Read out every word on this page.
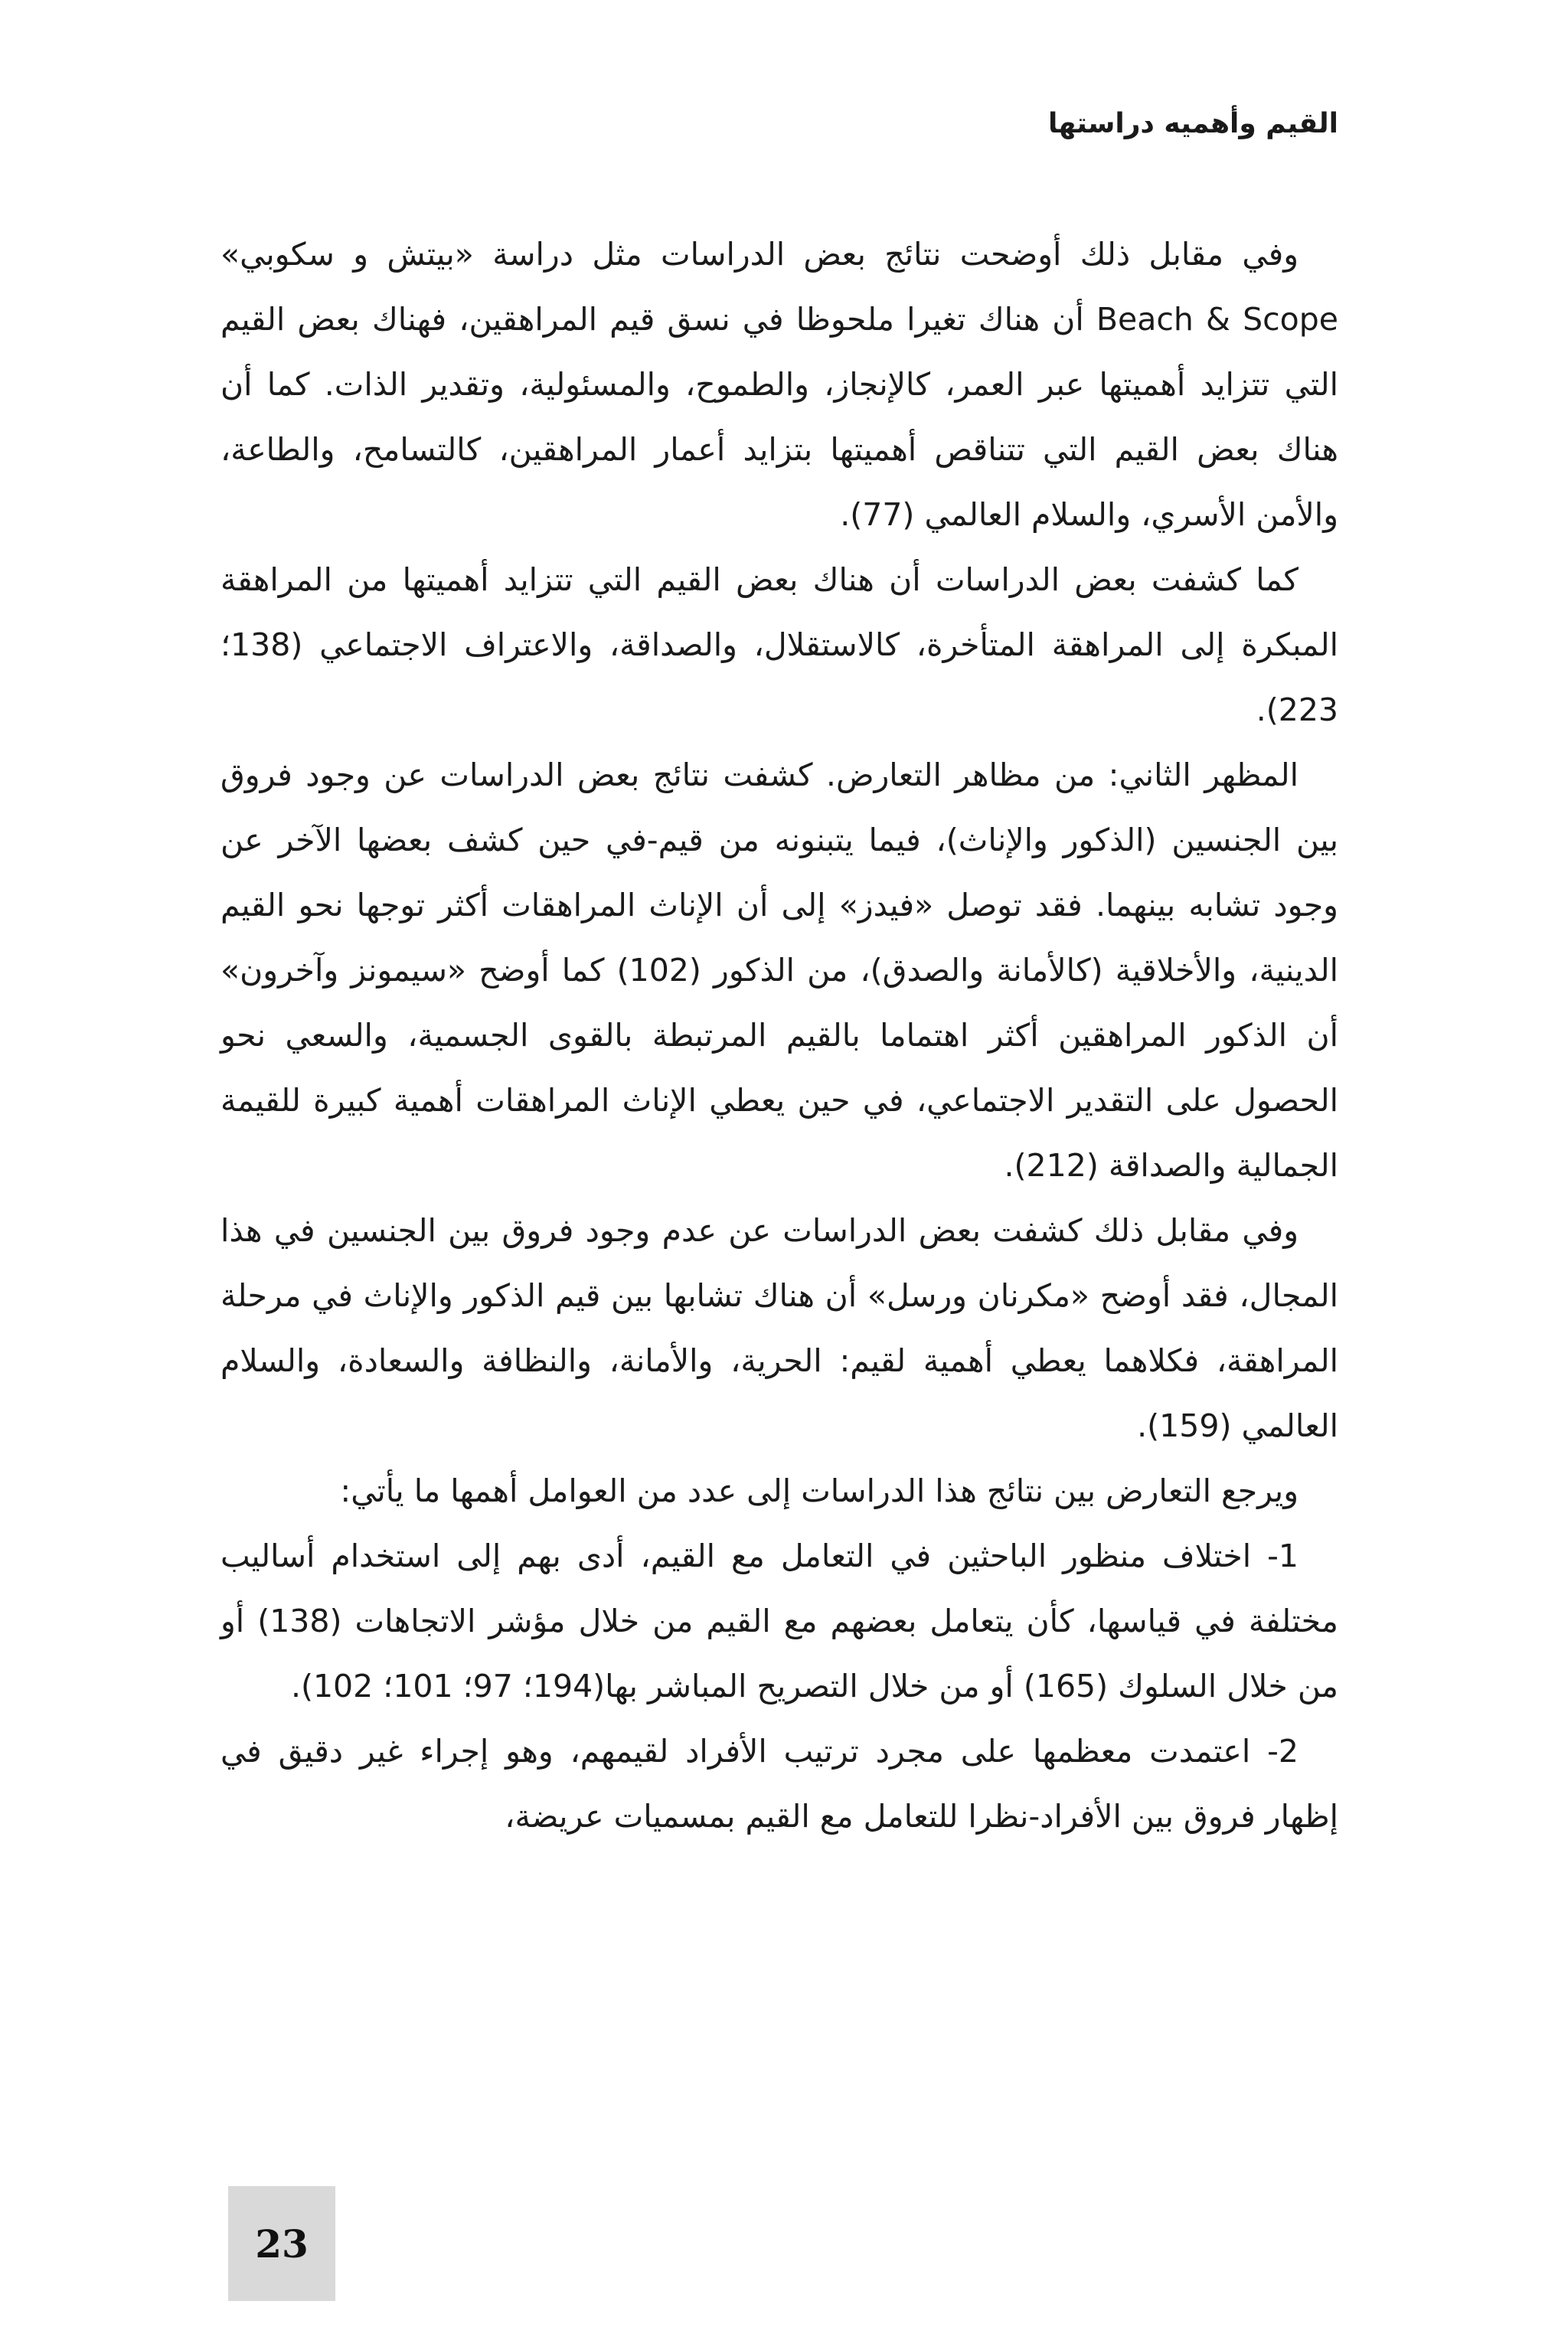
القيم وأهميه دراستها

وفي مقابل ذلك أوضحت نتائج بعض الدراسات مثل دراسة «بيتش و سكوبي» Beach & Scope أن هناك تغيرا ملحوظا في نسق قيم المراهقين، فهناك بعض القيم التي تتزايد أهميتها عبر العمر، كالإنجاز، والطموح، والمسئولية، وتقدير الذات. كما أن هناك بعض القيم التي تتناقص أهميتها بتزايد أعمار المراهقين، كالتسامح، والطاعة، والأمن الأسري، والسلام العالمي (77).

كما كشفت بعض الدراسات أن هناك بعض القيم التي تتزايد أهميتها من المراهقة المبكرة إلى المراهقة المتأخرة، كالاستقلال، والصداقة، والاعتراف الاجتماعي (138؛ 223).

المظهر الثاني: من مظاهر التعارض. كشفت نتائج بعض الدراسات عن وجود فروق بين الجنسين (الذكور والإناث)، فيما يتبنونه من قيم-في حين كشف بعضها الآخر عن وجود تشابه بينهما. فقد توصل «فيدز» إلى أن الإناث المراهقات أكثر توجها نحو القيم الدينية، والأخلاقية (كالأمانة والصدق)، من الذكور (102) كما أوضح «سيمونز وآخرون» أن الذكور المراهقين أكثر اهتماما بالقيم المرتبطة بالقوى الجسمية، والسعي نحو الحصول على التقدير الاجتماعي، في حين يعطي الإناث المراهقات أهمية كبيرة للقيمة الجمالية والصداقة (212).

وفي مقابل ذلك كشفت بعض الدراسات عن عدم وجود فروق بين الجنسين في هذا المجال، فقد أوضح «مكرنان ورسل» أن هناك تشابها بين قيم الذكور والإناث في مرحلة المراهقة، فكلاهما يعطي أهمية لقيم: الحرية، والأمانة، والنظافة والسعادة، والسلام العالمي (159).

ويرجع التعارض بين نتائج هذا الدراسات إلى عدد من العوامل أهمها ما يأتي:

1- اختلاف منظور الباحثين في التعامل مع القيم، أدى بهم إلى استخدام أساليب مختلفة في قياسها، كأن يتعامل بعضهم مع القيم من خلال مؤشر الاتجاهات (138) أو من خلال السلوك (165) أو من خلال التصريح المباشر بها(194؛ 97؛ 101؛ 102).

2- اعتمدت معظمها على مجرد ترتيب الأفراد لقيمهم، وهو إجراء غير دقيق في إظهار فروق بين الأفراد-نظرا للتعامل مع القيم بمسميات عريضة،

23
